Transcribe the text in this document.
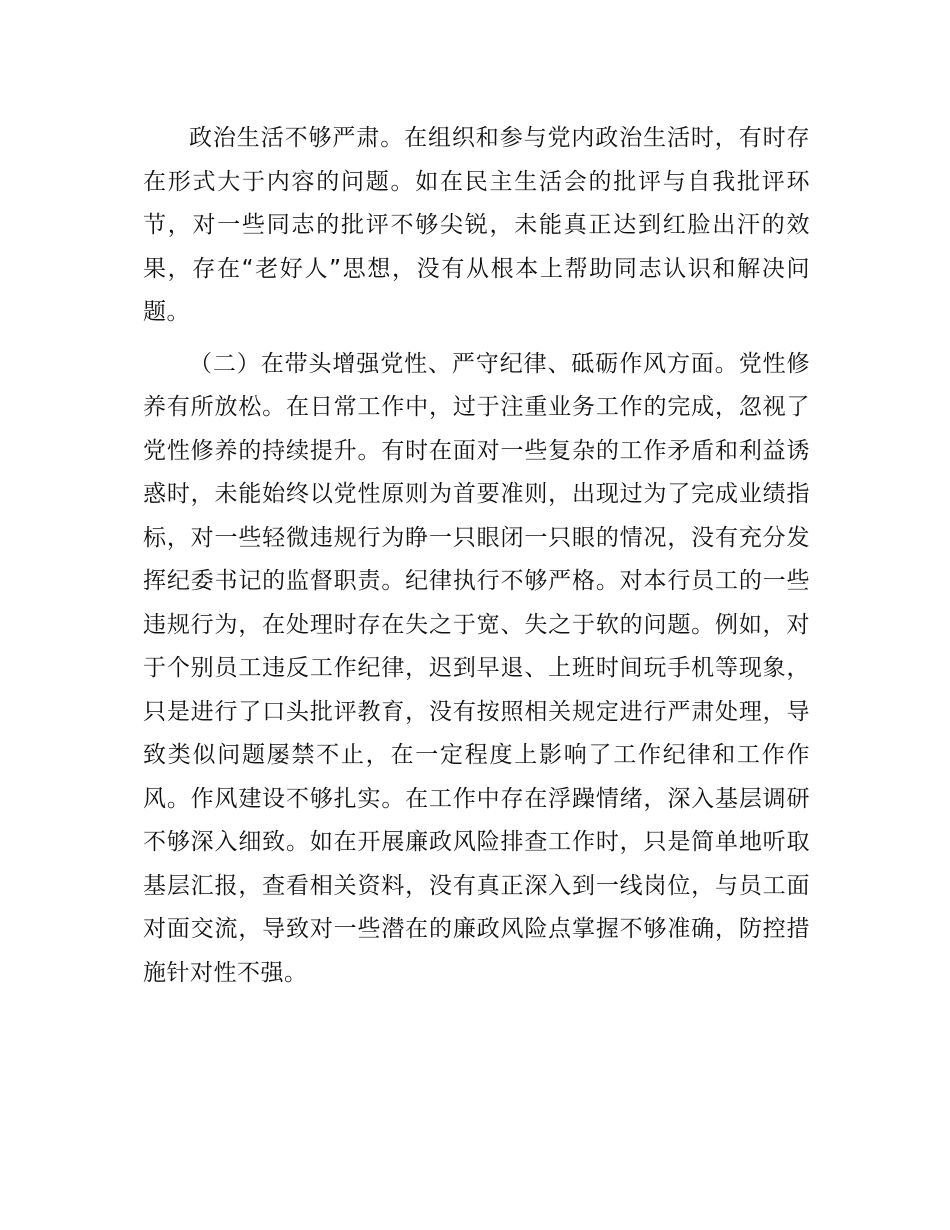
政治生活不够严肃。在组织和参与党内政治生活时，有时存在形式大于内容的问题。如在民主生活会的批评与自我批评环节，对一些同志的批评不够尖锐，未能真正达到红脸出汗的效果，存在“老好人”思想，没有从根本上帮助同志认识和解决问题。

（二）在带头增强党性、严守纪律、砥砺作风方面。党性修养有所放松。在日常工作中，过于注重业务工作的完成，忽视了党性修养的持续提升。有时在面对一些复杂的工作矛盾和利益诱惑时，未能始终以党性原则为首要准则，出现过为了完成业绩指标，对一些轻微违规行为睁一只眼闭一只眼的情况，没有充分发挥纪委书记的监督职责。纪律执行不够严格。对本行员工的一些违规行为，在处理时存在失之于宽、失之于软的问题。例如，对于个别员工违反工作纪律，迟到早退、上班时间玩手机等现象，只是进行了口头批评教育，没有按照相关规定进行严肃处理，导致类似问题屡禁不止，在一定程度上影响了工作纪律和工作作风。作风建设不够扎实。在工作中存在浮躁情绪，深入基层调研不够深入细致。如在开展廉政风险排查工作时，只是简单地听取基层汇报，查看相关资料，没有真正深入到一线岗位，与员工面对面交流，导致对一些潜在的廉政风险点掌握不够准确，防控措施针对性不强。
